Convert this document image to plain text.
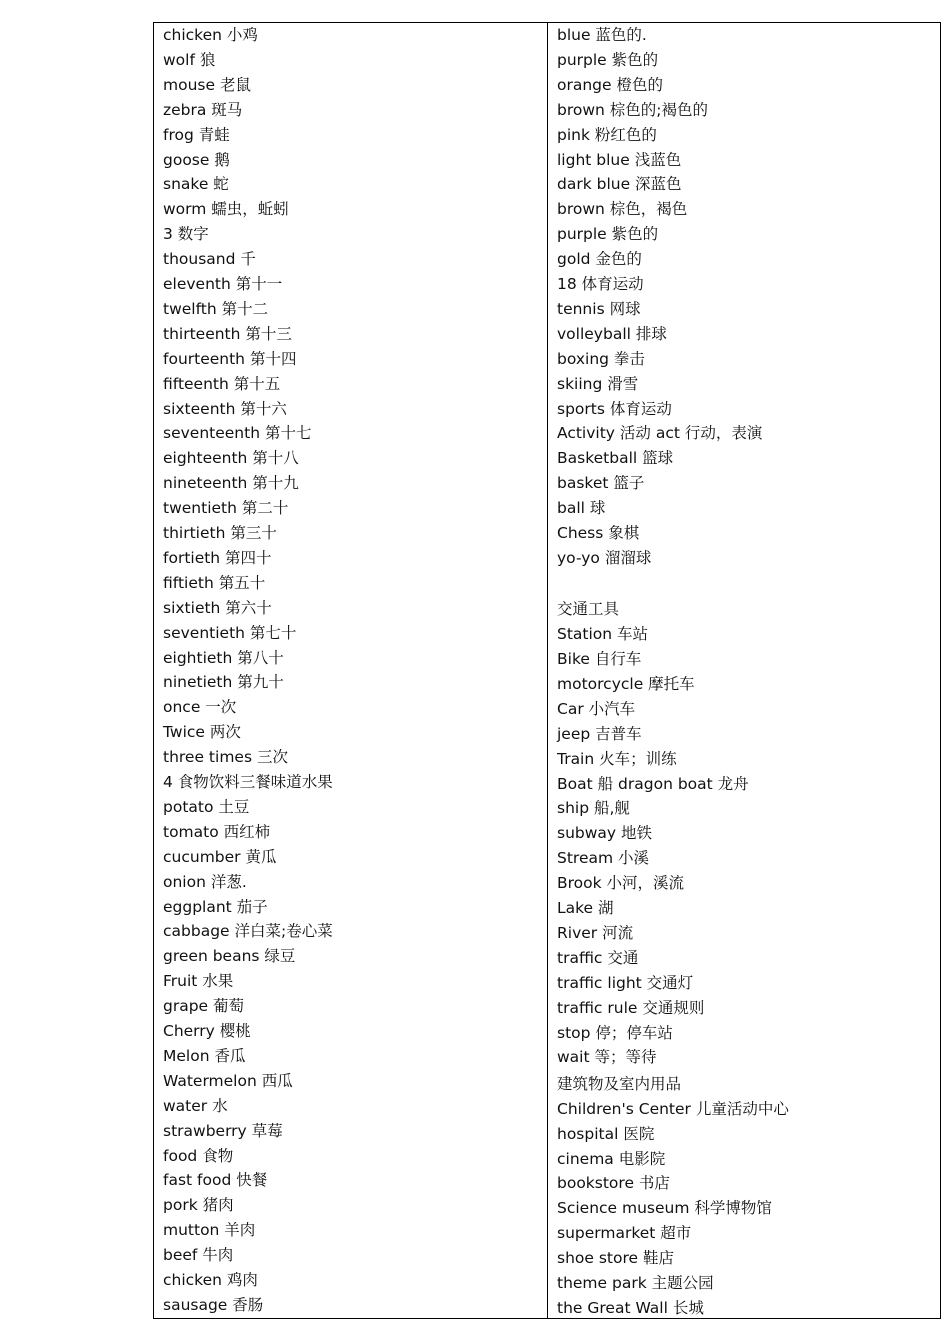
chicken 小鸡
wolf 狼
mouse 老鼠
zebra 斑马
frog 青蛙
goose 鹅
snake 蛇
worm 蠕虫，蚯蚓
3 数字
thousand 千
eleventh 第十一
twelfth 第十二
thirteenth 第十三
fourteenth 第十四
fifteenth 第十五
sixteenth 第十六
seventeenth 第十七
eighteenth 第十八
nineteenth 第十九
twentieth 第二十
thirtieth 第三十
fortieth 第四十
fiftieth 第五十
sixtieth 第六十
seventieth 第七十
eightieth 第八十
ninetieth 第九十
once 一次
Twice 两次
three times 三次
4 食物饮料三餐味道水果
potato 土豆
tomato 西红柿
cucumber 黄瓜
onion 洋葱.
eggplant 茄子
cabbage 洋白菜;卷心菜
green beans 绿豆
Fruit 水果
grape 葡萄
Cherry 樱桃
Melon 香瓜
Watermelon 西瓜
water 水
strawberry 草莓
food 食物
fast food 快餐
pork 猪肉
mutton 羊肉
beef 牛肉
chicken 鸡肉
sausage 香肠
blue 蓝色的.
purple 紫色的
orange 橙色的
brown 棕色的;褐色的
pink 粉红色的
light blue 浅蓝色
dark blue 深蓝色
brown 棕色，褐色
purple 紫色的
gold 金色的
18 体育运动
tennis 网球
volleyball 排球
boxing 拳击
skiing 滑雪
sports 体育运动
Activity 活动 act 行动，表演
Basketball 篮球
basket 篮子
ball 球
Chess 象棋
yo-yo 溜溜球
交通工具
Station 车站
Bike 自行车
motorcycle 摩托车
Car 小汽车
jeep 吉普车
Train 火车；训练
Boat 船 dragon boat 龙舟
ship 船,舰
subway 地铁
Stream 小溪
Brook 小河，溪流
Lake 湖
River 河流
traffic 交通
traffic light 交通灯
traffic rule 交通规则
stop 停；停车站
wait 等；等待
建筑物及室内用品
Children's Center 儿童活动中心
hospital 医院
cinema 电影院
bookstore 书店
Science museum 科学博物馆
supermarket 超市
shoe store 鞋店
theme park 主题公园
the Great Wall 长城
